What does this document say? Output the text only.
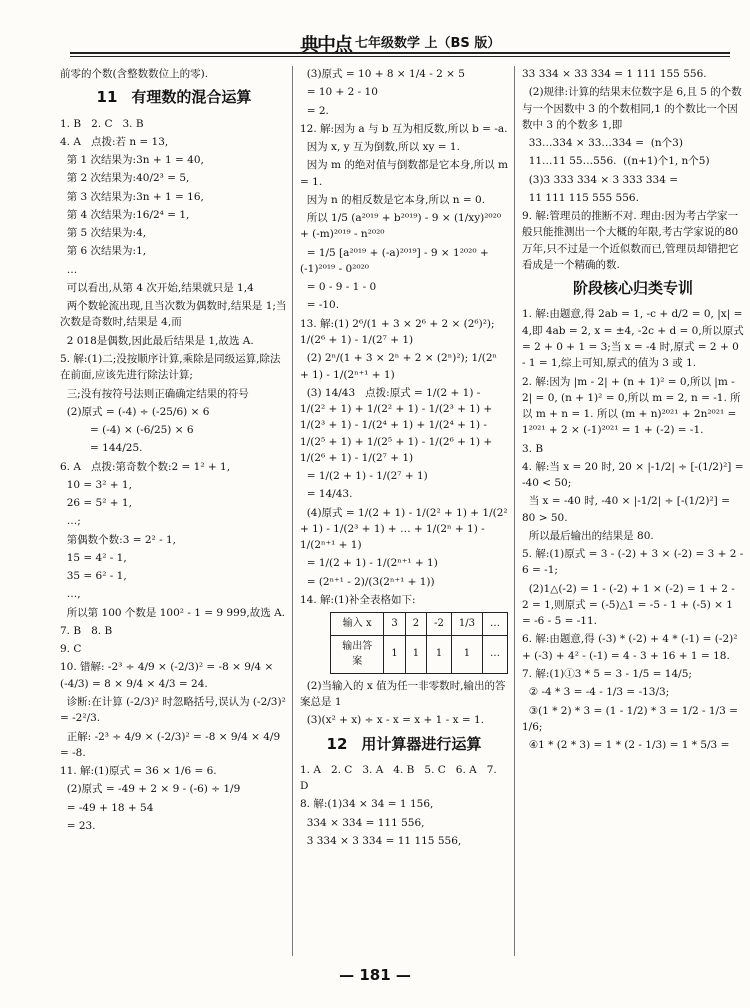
典中点 七年级数学 上（BS 版）

前零的个数(含整数数位上的零).

11 有理数的混合运算

1. B   2. C   3. B

4. A   点拨:若 n = 13,

第 1 次结果为:3n + 1 = 40,

第 2 次结果为:40/2³ = 5,

第 3 次结果为:3n + 1 = 16,

第 4 次结果为:16/2⁴ = 1,

第 5 次结果为:4,

第 6 次结果为:1,

…

可以看出,从第 4 次开始,结果就只是 1,4

两个数轮流出现,且当次数为偶数时,结果是 1;当次数是奇数时,结果是 4,而

2 018是偶数,因此最后结果是 1,故选 A.

5. 解:(1)二;没按顺序计算,乘除是同级运算,除法在前面,应该先进行除法计算;

三;没有按符号法则正确确定结果的符号

(2)原式 = (-4) ÷ (-25/6) × 6

= (-4) × (-6/25) × 6

= 144/25.

6. A   点拨:第奇数个数:2 = 1² + 1,

10 = 3² + 1,

26 = 5² + 1,

…;

第偶数个数:3 = 2² - 1,

15 = 4² - 1,

35 = 6² - 1,

…,

所以第 100 个数是 100² - 1 = 9 999,故选 A.

7. B   8. B

9. C

10. 错解: -2³ ÷ 4/9 × (-2/3)² = -8 × 9/4 × (-4/3) = 8 × 9/4 × 4/3 = 24.

诊断:在计算 (-2/3)² 时忽略括号,误认为 (-2/3)² = -2²/3.

正解: -2³ ÷ 4/9 × (-2/3)² = -8 × 9/4 × 4/9 = -8.

11. 解:(1)原式 = 36 × 1/6 = 6.

(2)原式 = -49 + 2 × 9 - (-6) ÷ 1/9

= -49 + 18 + 54

= 23.

(3)原式 = 10 + 8 × 1/4 - 2 × 5

= 10 + 2 - 10

= 2.

12. 解:因为 a 与 b 互为相反数,所以 b = -a.

因为 x, y 互为倒数,所以 xy = 1.

因为 m 的绝对值与倒数都是它本身,所以 m = 1.

因为 n 的相反数是它本身,所以 n = 0.

所以 1/5 (a²⁰¹⁹ + b²⁰¹⁹) - 9 × (1/xy)²⁰²⁰ + (-m)²⁰¹⁹ - n²⁰²⁰

= 1/5 [a²⁰¹⁹ + (-a)²⁰¹⁹] - 9 × 1²⁰²⁰ + (-1)²⁰¹⁹ - 0²⁰²⁰

= 0 - 9 - 1 - 0

= -10.

13. 解:(1) 2⁶/(1 + 3 × 2⁶ + 2 × (2⁶)²); 1/(2⁶ + 1) - 1/(2⁷ + 1)

(2) 2ⁿ/(1 + 3 × 2ⁿ + 2 × (2ⁿ)²); 1/(2ⁿ + 1) - 1/(2ⁿ⁺¹ + 1)

(3) 14/43   点拨:原式 = 1/(2 + 1) - 1/(2² + 1) + 1/(2² + 1) - 1/(2³ + 1) + 1/(2³ + 1) - 1/(2⁴ + 1) + 1/(2⁴ + 1) - 1/(2⁵ + 1) + 1/(2⁵ + 1) - 1/(2⁶ + 1) + 1/(2⁶ + 1) - 1/(2⁷ + 1)

= 1/(2 + 1) - 1/(2⁷ + 1)

= 14/43.

(4)原式 = 1/(2 + 1) - 1/(2² + 1) + 1/(2² + 1) - 1/(2³ + 1) + … + 1/(2ⁿ + 1) - 1/(2ⁿ⁺¹ + 1)

= 1/(2 + 1) - 1/(2ⁿ⁺¹ + 1)

= (2ⁿ⁺¹ - 2)/(3(2ⁿ⁺¹ + 1))

14. 解:(1)补全表格如下:

输入 x	3	2	-2	1/3	…
输出答案	1	1	1	1	…

(2)当输入的 x 值为任一非零数时,输出的答案总是 1

(3)(x² + x) ÷ x - x = x + 1 - x = 1.

12 用计算器进行运算

1. A   2. C   3. A   4. B   5. C   6. A   7. D

8. 解:(1)34 × 34 = 1 156,

334 × 334 = 111 556,

3 334 × 3 334 = 11 115 556,

33 334 × 33 334 = 1 111 155 556.

(2)规律:计算的结果末位数字是 6,且 5 的个数与一个因数中 3 的个数相同,1 的个数比一个因数中 3 的个数多 1,即

33…334 × 33…334 =  (n个3)

11…11 55…556.  ((n+1)个1, n个5)

(3)3 333 334 × 3 333 334 =

11 111 115 555 556.

9. 解:管理员的推断不对. 理由:因为考古学家一般只能推测出一个大概的年限,考古学家说的80 万年,只不过是一个近似数而已,管理员却错把它看成是一个精确的数.

阶段核心归类专训

1. 解:由题意,得 2ab = 1, -c + d/2 = 0, |x| = 4,即 4ab = 2, x = ±4, -2c + d = 0,所以原式 = 2 + 0 + 1 = 3;当 x = -4 时,原式 = 2 + 0 - 1 = 1,综上可知,原式的值为 3 或 1.

2. 解:因为 |m - 2| + (n + 1)² = 0,所以 |m - 2| = 0, (n + 1)² = 0,所以 m = 2, n = -1. 所以 m + n = 1. 所以 (m + n)²⁰²¹ + 2n²⁰²¹ = 1²⁰²¹ + 2 × (-1)²⁰²¹ = 1 + (-2) = -1.

3. B

4. 解:当 x = 20 时, 20 × |-1/2| ÷ [-(1/2)²] = -40 < 50;

当 x = -40 时, -40 × |-1/2| ÷ [-(1/2)²] = 80 > 50.

所以最后输出的结果是 80.

5. 解:(1)原式 = 3 - (-2) + 3 × (-2) = 3 + 2 - 6 = -1;

(2)1△(-2) = 1 - (-2) + 1 × (-2) = 1 + 2 - 2 = 1,则原式 = (-5)△1 = -5 - 1 + (-5) × 1 = -6 - 5 = -11.

6. 解:由题意,得 (-3) * (-2) + 4 * (-1) = (-2)² + (-3) + 4² - (-1) = 4 - 3 + 16 + 1 = 18.

7. 解:(1)①3 * 5 = 3 - 1/5 = 14/5;

② -4 * 3 = -4 - 1/3 = -13/3;

③(1 * 2) * 3 = (1 - 1/2) * 3 = 1/2 - 1/3 = 1/6;

④1 * (2 * 3) = 1 * (2 - 1/3) = 1 * 5/3 =

— 181 —
